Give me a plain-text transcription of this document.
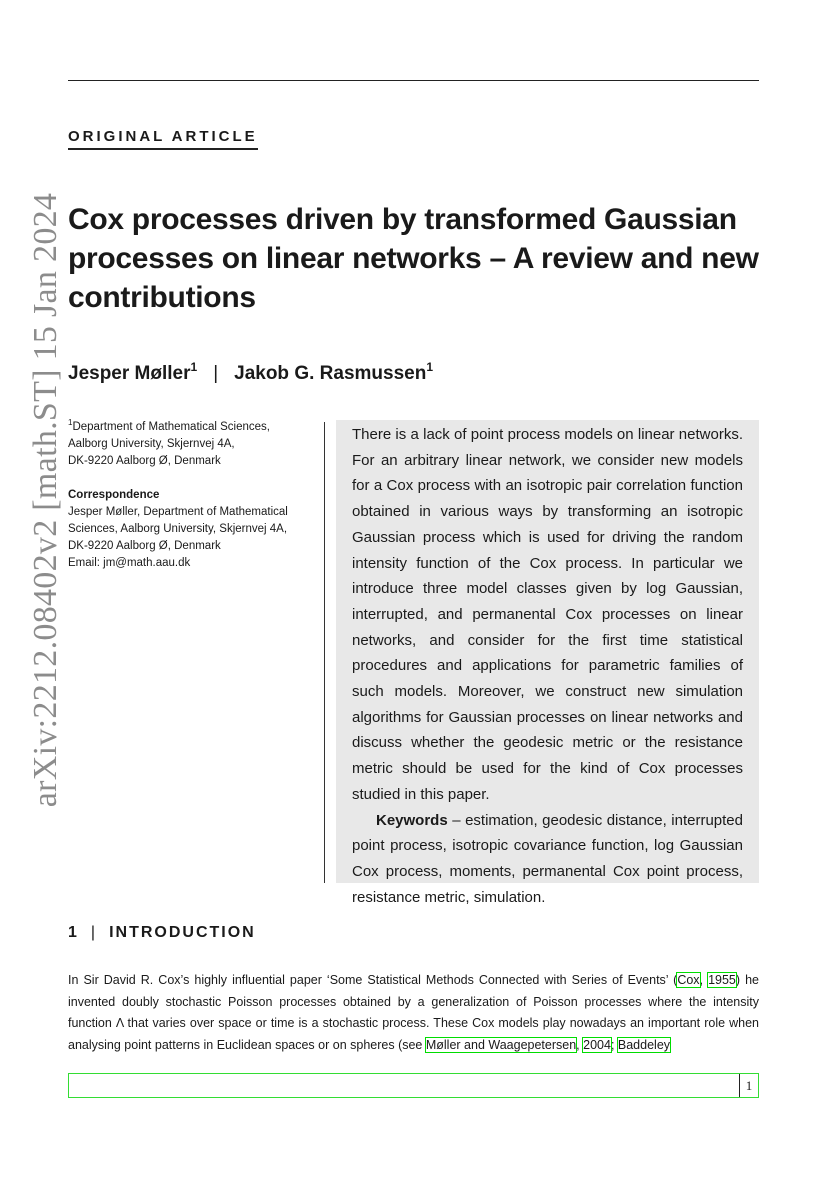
ORIGINAL ARTICLE
arXiv:2212.08402v2 [math.ST] 15 Jan 2024 Cox processes driven by transformed Gaussian processes on linear networks – A review and new contributions
Jesper Møller$^1$ | Jakob G. Rasmussen$^1$
$^1$Department of Mathematical Sciences,
Aalborg University, Skjernvej 4A,
DK-9220 Aalborg Ø, Denmark
Correspondence
Jesper Møller, Department of Mathematical
Sciences, Aalborg University, Skjernvej 4A,
DK-9220 Aalborg Ø, Denmark
Email: jm@math.aau.dk

There is a lack of point process models on linear networks. For an arbitrary linear network, we consider new models for a Cox process with an isotropic pair correlation function obtained in various ways by transforming an isotropic Gaussian process which is used for driving the random intensity function of the Cox process. In particular we introduce three model classes given by log Gaussian, interrupted, and permanental Cox processes on linear networks, and consider for the first time statistical procedures and applications for parametric families of such models. Moreover, we construct new simulation algorithms for Gaussian processes on linear networks and discuss whether the geodesic metric or the resistance metric should be used for the kind of Cox processes studied in this paper.

Keywords – estimation, geodesic distance, interrupted point process, isotropic covariance function, log Gaussian Cox process, moments, permanental Cox point process, resistance metric, simulation.

1 | INTRODUCTION

In Sir David R. Cox’s highly influential paper ‘Some Statistical Methods Connected with Series of Events’ (Cox, 1955) he invented doubly stochastic Poisson processes obtained by a generalization of Poisson processes where the intensity function Λ that varies over space or time is a stochastic process. These Cox models play nowadays an important role when analysing point patterns in Euclidean spaces or on spheres (see Møller and Waagepetersen, 2004; Baddeley

1
